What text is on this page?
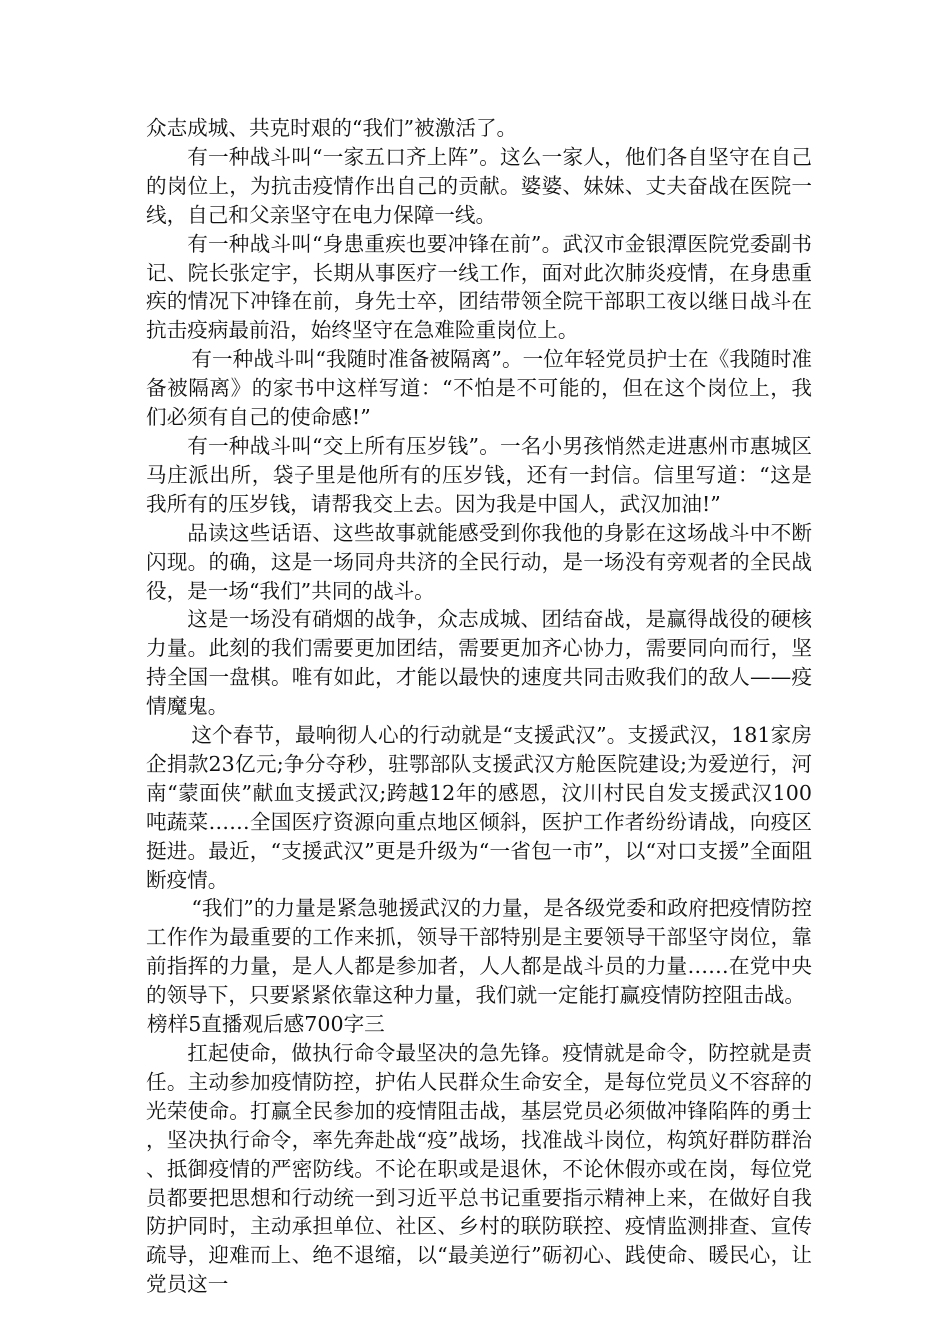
众志成城、共克时艰的“我们”被激活了。

有一种战斗叫“一家五口齐上阵”。这么一家人，他们各自坚守在自己的岗位上，为抗击疫情作出自己的贡献。婆婆、妹妹、丈夫奋战在医院一线，自己和父亲坚守在电力保障一线。

有一种战斗叫“身患重疾也要冲锋在前”。武汉市金银潭医院党委副书记、院长张定宇，长期从事医疗一线工作，面对此次肺炎疫情，在身患重疾的情况下冲锋在前，身先士卒，团结带领全院干部职工夜以继日战斗在抗击疫病最前沿，始终坚守在急难险重岗位上。

有一种战斗叫“我随时准备被隔离”。一位年轻党员护士在《我随时准备被隔离》的家书中这样写道：“不怕是不可能的，但在这个岗位上，我们必须有自己的使命感!”

有一种战斗叫“交上所有压岁钱”。一名小男孩悄然走进惠州市惠城区马庄派出所，袋子里是他所有的压岁钱，还有一封信。信里写道：“这是我所有的压岁钱，请帮我交上去。因为我是中国人，武汉加油!”

品读这些话语、这些故事就能感受到你我他的身影在这场战斗中不断闪现。的确，这是一场同舟共济的全民行动，是一场没有旁观者的全民战役，是一场“我们”共同的战斗。

这是一场没有硝烟的战争，众志成城、团结奋战，是赢得战役的硬核力量。此刻的我们需要更加团结，需要更加齐心协力，需要同向而行，坚持全国一盘棋。唯有如此，才能以最快的速度共同击败我们的敌人——疫情魔鬼。

这个春节，最响彻人心的行动就是“支援武汉”。支援武汉，181家房企捐款23亿元;争分夺秒，驻鄂部队支援武汉方舱医院建设;为爱逆行，河南“蒙面侠”献血支援武汉;跨越12年的感恩，汶川村民自发支援武汉100吨蔬菜……全国医疗资源向重点地区倾斜，医护工作者纷纷请战，向疫区挺进。最近，“支援武汉”更是升级为“一省包一市”，以“对口支援”全面阻断疫情。

“我们”的力量是紧急驰援武汉的力量，是各级党委和政府把疫情防控工作作为最重要的工作来抓，领导干部特别是主要领导干部坚守岗位，靠前指挥的力量，是人人都是参加者，人人都是战斗员的力量……在党中央的领导下，只要紧紧依靠这种力量，我们就一定能打赢疫情防控阻击战。

榜样5直播观后感700字三

扛起使命，做执行命令最坚决的急先锋。疫情就是命令，防控就是责任。主动参加疫情防控，护佑人民群众生命安全，是每位党员义不容辞的光荣使命。打赢全民参加的疫情阻击战，基层党员必须做冲锋陷阵的勇士，坚决执行命令，率先奔赴战“疫”战场，找准战斗岗位，构筑好群防群治、抵御疫情的严密防线。不论在职或是退休，不论休假亦或在岗，每位党员都要把思想和行动统一到习近平总书记重要指示精神上来，在做好自我防护同时，主动承担单位、社区、乡村的联防联控、疫情监测排查、宣传疏导，迎难而上、绝不退缩，以“最美逆行”砺初心、践使命、暖民心，让党员这一
